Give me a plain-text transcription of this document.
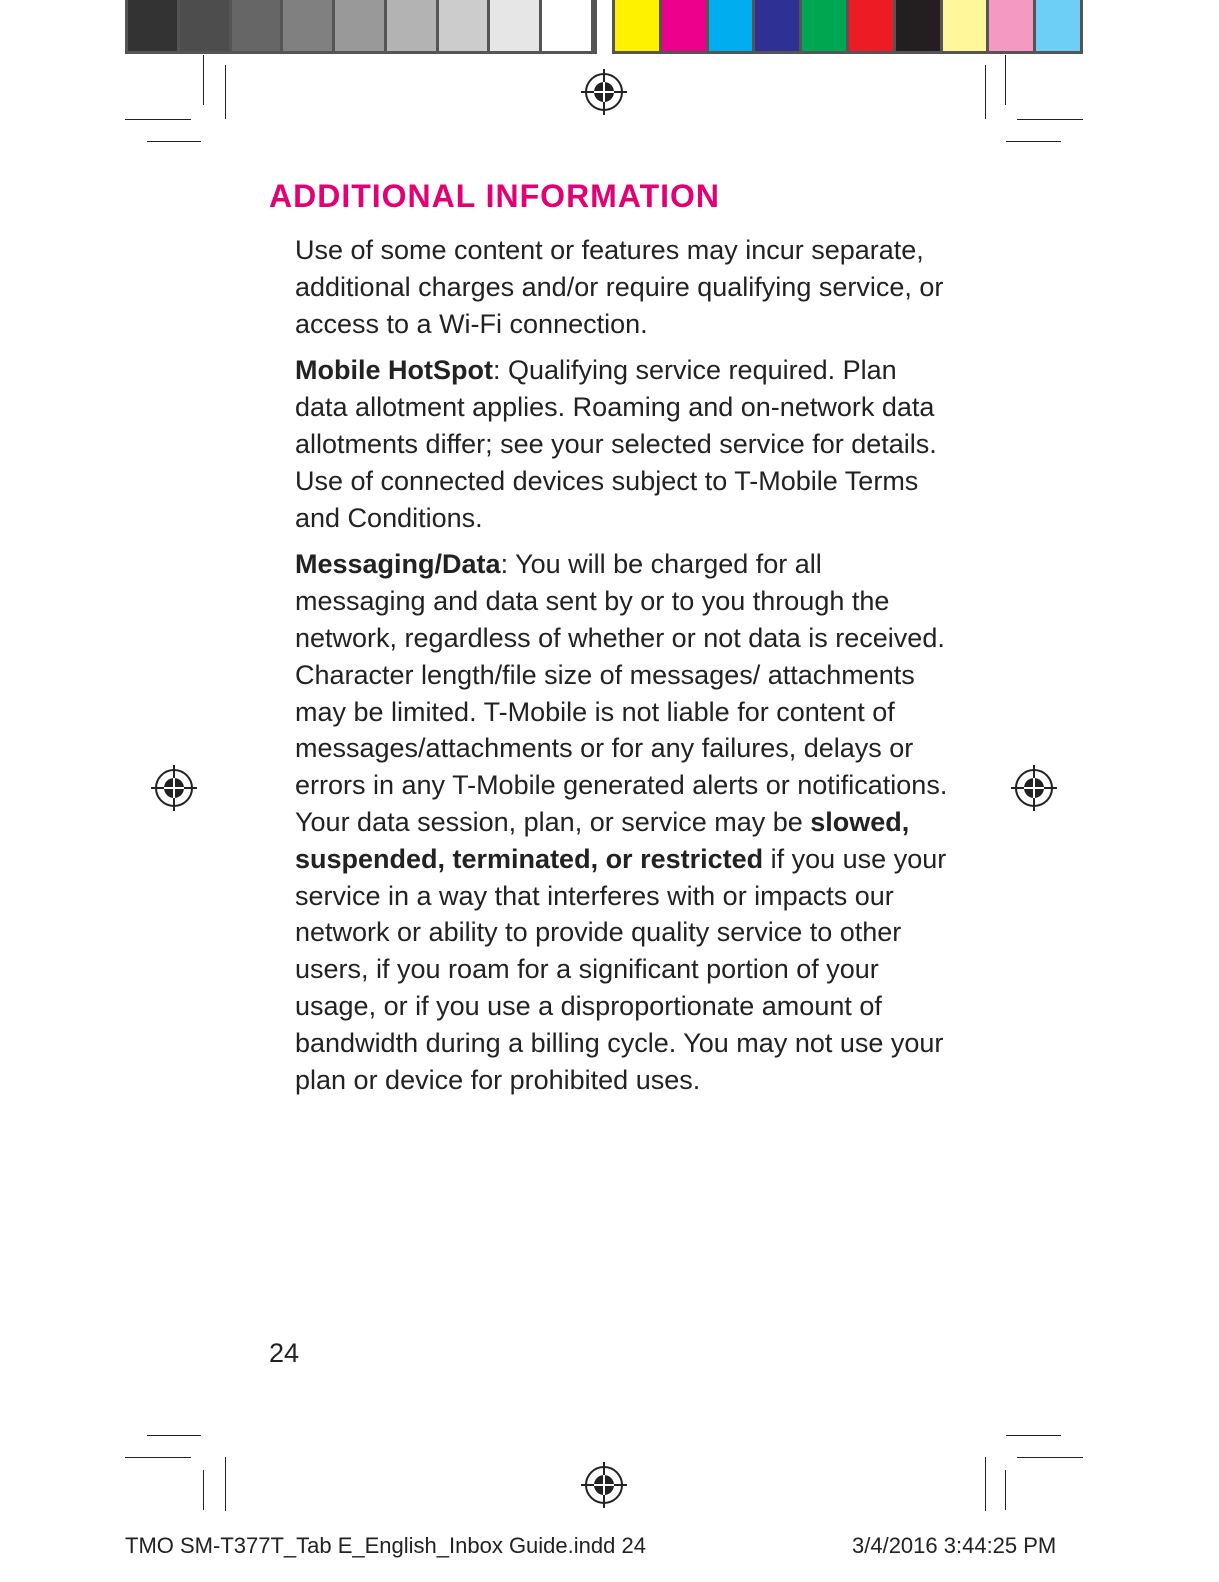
ADDITIONAL INFORMATION

Use of some content or features may incur separate, additional charges and/or require qualifying service, or access to a Wi-Fi connection.

Mobile HotSpot: Qualifying service required. Plan data allotment applies. Roaming and on-network data allotments differ; see your selected service for details. Use of connected devices subject to T-Mobile Terms and Conditions.

Messaging/Data: You will be charged for all messaging and data sent by or to you through the network, regardless of whether or not data is received. Character length/file size of messages/ attachments may be limited. T-Mobile is not liable for content of messages/attachments or for any failures, delays or errors in any T-Mobile generated alerts or notifications. Your data session, plan, or service may be slowed, suspended, terminated, or restricted if you use your service in a way that interferes with or impacts our network or ability to provide quality service to other users, if you roam for a significant portion of your usage, or if you use a disproportionate amount of bandwidth during a billing cycle. You may not use your plan or device for prohibited uses.

24
TMO SM-T377T_Tab E_English_Inbox Guide.indd 24	3/4/2016 3:44:25 PM
